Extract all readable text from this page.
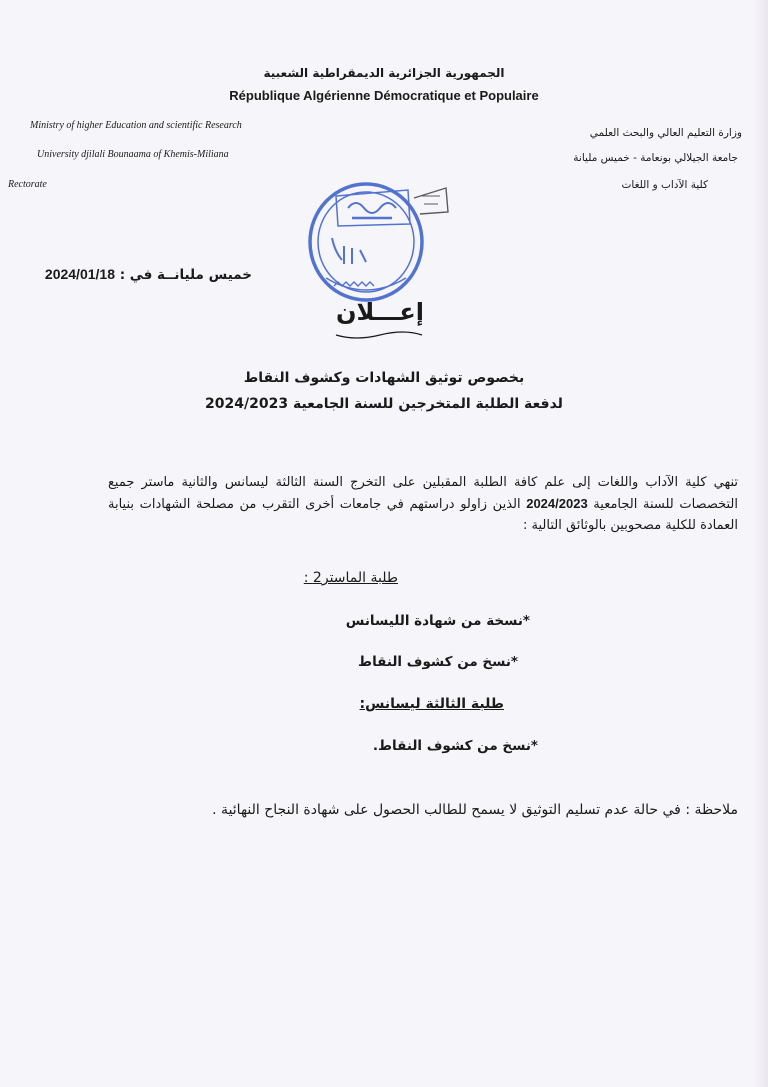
الجمهورية الجزائرية الديمقراطية الشعبية
République Algérienne Démocratique et Populaire
Ministry of higher Education and scientific Research
University djilali Bounaama of Khemis-Miliana
Rectorate
وزارة التعليم العالي والبحث العلمي
جامعة الجيلالي بونعامة - خميس مليانة
كلية الآداب و اللغات
خميس مليانــة في : 2024/01/18
إعـــلان
بخصوص توثيق الشهادات وكشوف النقاط
لدفعة الطلبة المتخرجين للسنة الجامعية 2024/2023
تنهي كلية الآداب واللغات إلى علم كافة الطلبة المقبلين على التخرج السنة الثالثة ليسانس والثانية ماستر جميع التخصصات للسنة الجامعية 2024/2023 الذين زاولو دراستهم في جامعات أخرى التقرب من مصلحة الشهادات بنيابة العمادة للكلية مصحوبين بالوثائق التالية :
طلبة الماستر2 :
*نسخة من شهادة الليسانس
*نسخ من كشوف النقاط
طلبة الثالثة ليسانس:
*نسخ من كشوف النقاط.
ملاحظة : في حالة عدم تسليم التوثيق لا يسمح للطالب الحصول على شهادة النجاح النهائية .
